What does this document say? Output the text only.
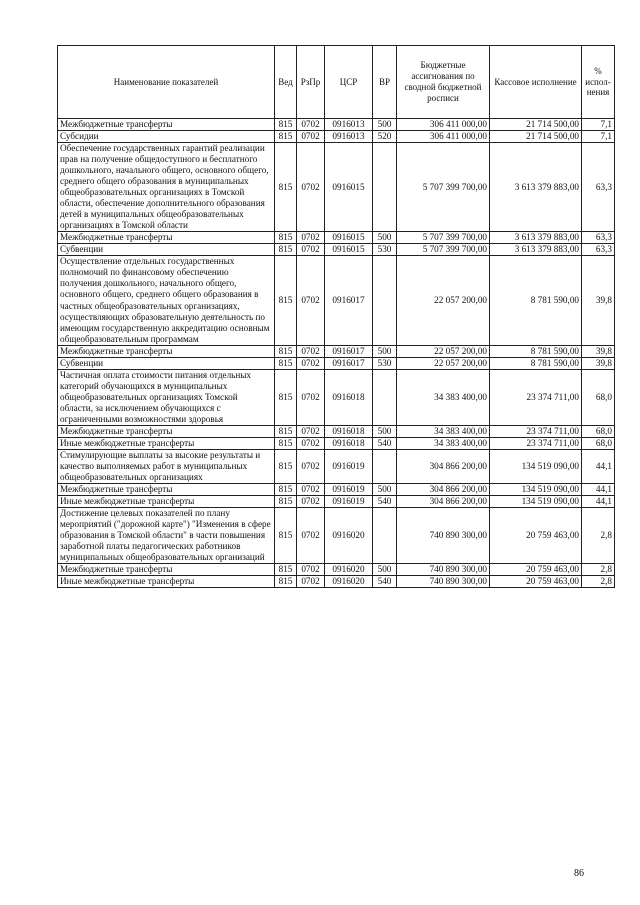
Наименование показателей	Вед	РзПр	ЦСР	ВР	Бюджетные ассигнования по сводной бюджетной росписи	Кассовое исполнение	% испол-нения
Межбюджетные трансферты	815	0702	0916013	500	306 411 000,00	21 714 500,00	7,1
Субсидии	815	0702	0916013	520	306 411 000,00	21 714 500,00	7,1
Обеспечение государственных гарантий реализации прав на получение общедоступного и бесплатного дошкольного, начального общего, основного общего, среднего общего образования в муниципальных общеобразовательных организациях в Томской области, обеспечение дополнительного образования детей в муниципальных общеобразовательных организациях в Томской области	815	0702	0916015		5 707 399 700,00	3 613 379 883,00	63,3
Межбюджетные трансферты	815	0702	0916015	500	5 707 399 700,00	3 613 379 883,00	63,3
Субвенции	815	0702	0916015	530	5 707 399 700,00	3 613 379 883,00	63,3
Осуществление отдельных государственных полномочий по финансовому обеспечению получения дошкольного, начального общего, основного общего, среднего общего образования в частных общеобразовательных организациях, осуществляющих образовательную деятельность по имеющим государственную аккредитацию основным общеобразовательным программам	815	0702	0916017		22 057 200,00	8 781 590,00	39,8
Межбюджетные трансферты	815	0702	0916017	500	22 057 200,00	8 781 590,00	39,8
Субвенции	815	0702	0916017	530	22 057 200,00	8 781 590,00	39,8
Частичная оплата стоимости питания отдельных категорий обучающихся в муниципальных общеобразовательных организациях Томской области, за исключением обучающихся с ограниченными возможностями здоровья	815	0702	0916018		34 383 400,00	23 374 711,00	68,0
Межбюджетные трансферты	815	0702	0916018	500	34 383 400,00	23 374 711,00	68,0
Иные межбюджетные трансферты	815	0702	0916018	540	34 383 400,00	23 374 711,00	68,0
Стимулирующие выплаты за высокие результаты и качество выполняемых работ в муниципальных общеобразовательных организациях	815	0702	0916019		304 866 200,00	134 519 090,00	44,1
Межбюджетные трансферты	815	0702	0916019	500	304 866 200,00	134 519 090,00	44,1
Иные межбюджетные трансферты	815	0702	0916019	540	304 866 200,00	134 519 090,00	44,1
Достижение целевых показателей по плану мероприятий ("дорожной карте") "Изменения в сфере образования в Томской области" в части повышения заработной платы педагогических работников муниципальных общеобразовательных организаций	815	0702	0916020		740 890 300,00	20 759 463,00	2,8
Межбюджетные трансферты	815	0702	0916020	500	740 890 300,00	20 759 463,00	2,8
Иные межбюджетные трансферты	815	0702	0916020	540	740 890 300,00	20 759 463,00	2,8
86
